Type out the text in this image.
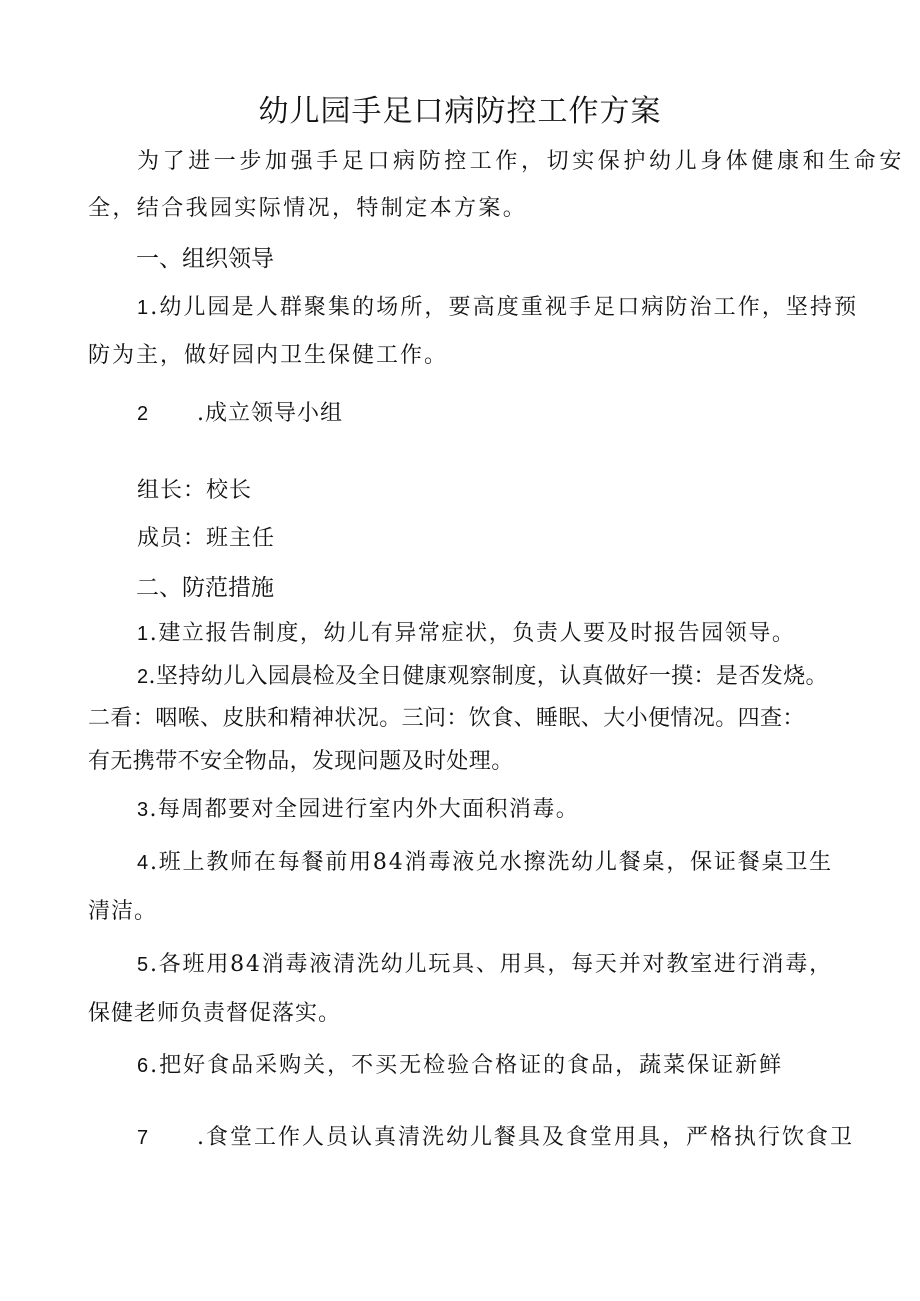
幼儿园手足口病防控工作方案
为了进一步加强手足口病防控工作，切实保护幼儿身体健康和生命安
全，结合我园实际情况，特制定本方案。
一、组织领导
1.幼儿园是人群聚集的场所，要高度重视手足口病防治工作，坚持预
防为主，做好园内卫生保健工作。
2 .成立领导小组
组长：校长
成员：班主任
二、防范措施
1.建立报告制度，幼儿有异常症状，负责人要及时报告园领导。
2.坚持幼儿入园晨检及全日健康观察制度，认真做好一摸：是否发烧。
二看：咽喉、皮肤和精神状况。三问：饮食、睡眠、大小便情况。四查：
有无携带不安全物品，发现问题及时处理。
3.每周都要对全园进行室内外大面积消毒。
4.班上教师在每餐前用84消毒液兑水擦洗幼儿餐桌，保证餐桌卫生
清洁。
5.各班用84消毒液清洗幼儿玩具、用具，每天并对教室进行消毒，
保健老师负责督促落实。
6.把好食品采购关，不买无检验合格证的食品，蔬菜保证新鲜
7 .食堂工作人员认真清洗幼儿餐具及食堂用具，严格执行饮食卫
